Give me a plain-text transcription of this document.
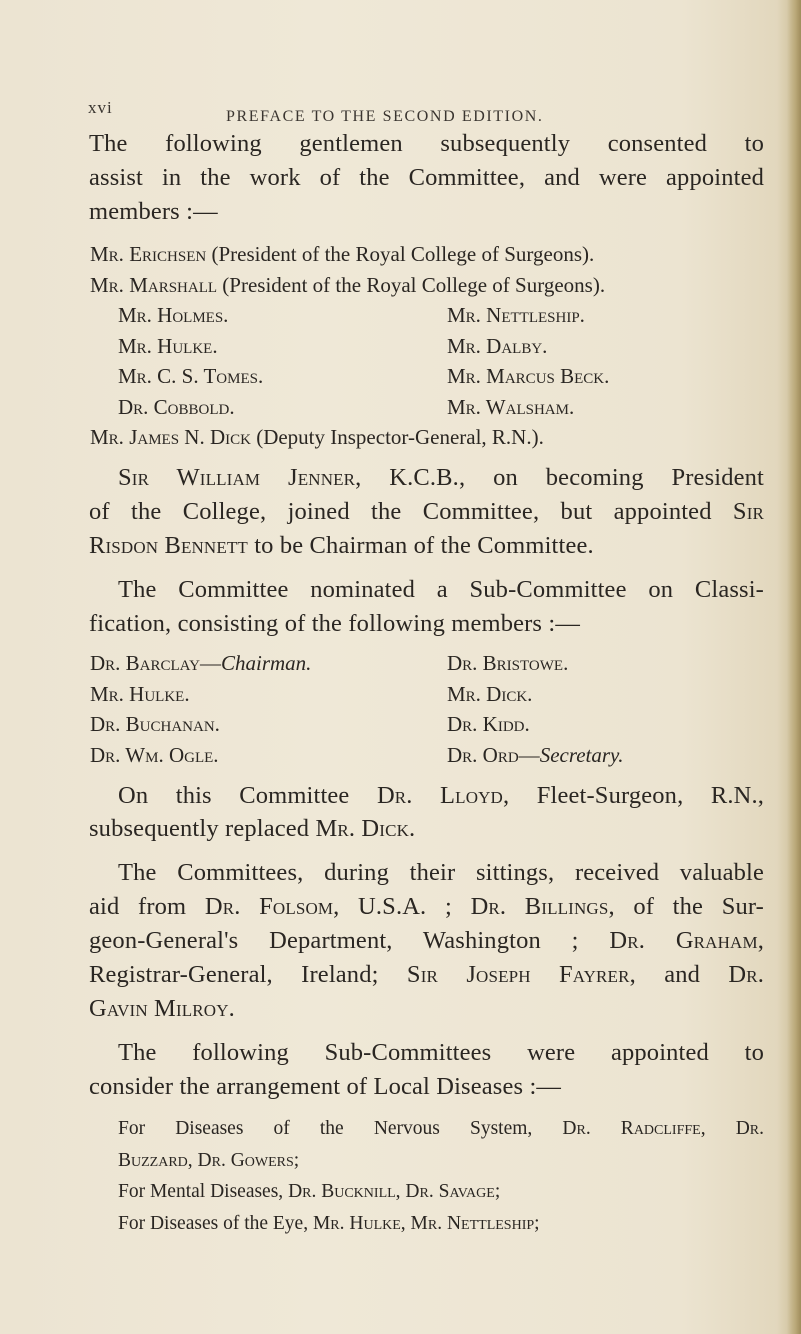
xvi	PREFACE TO THE SECOND EDITION.
The following gentlemen subsequently consented to
assist in the work of the Committee, and were appointed
members :—
Mr. Erichsen (President of the Royal College of Surgeons).
Mr. Marshall (President of the Royal College of Surgeons).
Mr. Holmes.	Mr. Nettleship.
Mr. Hulke.	Mr. Dalby.
Mr. C. S. Tomes.	Mr. Marcus Beck.
Dr. Cobbold.	Mr. Walsham.
Mr. James N. Dick (Deputy Inspector-General, R.N.).
Sir William Jenner, K.C.B., on becoming President
of the College, joined the Committee, but appointed Sir
Risdon Bennett to be Chairman of the Committee.
The Committee nominated a Sub-Committee on Classi-
fication, consisting of the following members :—
Dr. Barclay—Chairman.	Dr. Bristowe.
Mr. Hulke.	Mr. Dick.
Dr. Buchanan.	Dr. Kidd.
Dr. Wm. Ogle.	Dr. Ord—Secretary.
On this Committee Dr. Lloyd, Fleet-Surgeon, R.N.,
subsequently replaced Mr. Dick.
The Committees, during their sittings, received valuable
aid from Dr. Folsom, U.S.A. ; Dr. Billings, of the Sur-
geon-General's Department, Washington ; Dr. Graham,
Registrar-General, Ireland; Sir Joseph Fayrer, and Dr.
Gavin Milroy.
The following Sub-Committees were appointed to
consider the arrangement of Local Diseases :—
For Diseases of the Nervous System, Dr. Radcliffe, Dr.
Buzzard, Dr. Gowers;
For Mental Diseases, Dr. Bucknill, Dr. Savage;
For Diseases of the Eye, Mr. Hulke, Mr. Nettleship;
